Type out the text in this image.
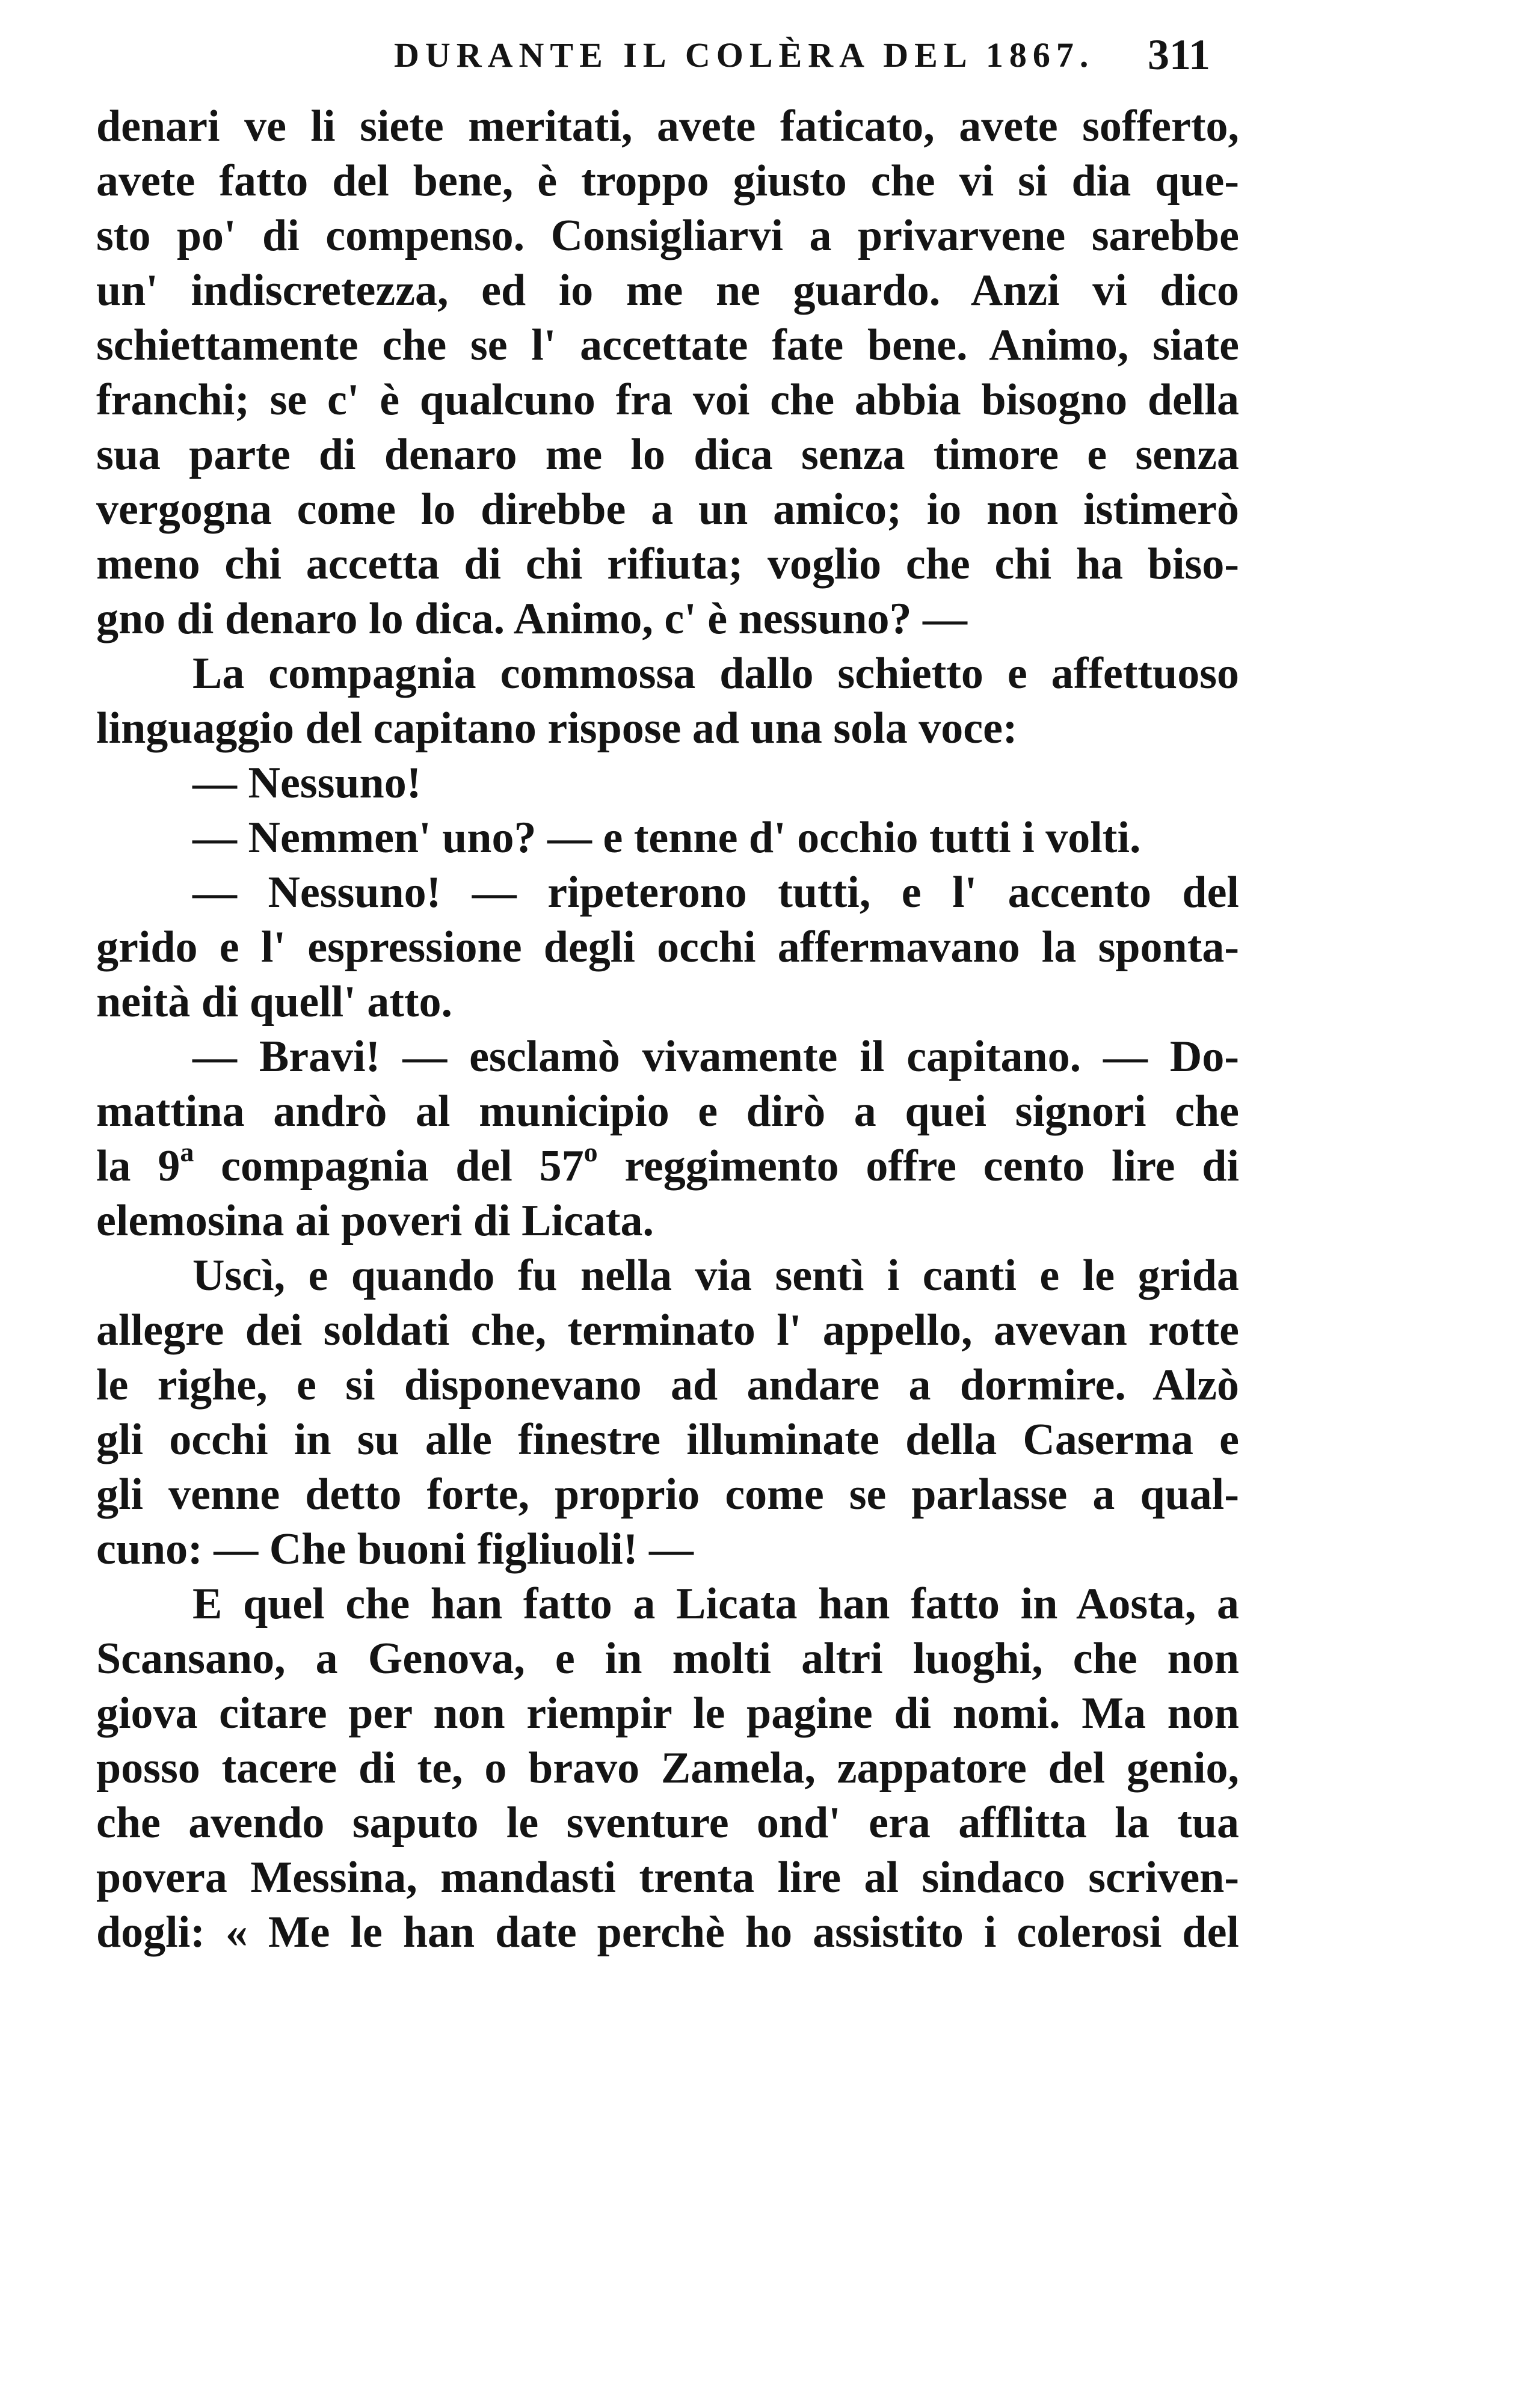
DURANTE IL COLÈRA DEL 1867. 311
denari ve li siete meritati, avete faticato, avete sofferto,
avete fatto del bene, è troppo giusto che vi si dia que-
sto po' di compenso. Consigliarvi a privarvene sarebbe
un' indiscretezza, ed io me ne guardo. Anzi vi dico
schiettamente che se l' accettate fate bene. Animo, siate
franchi; se c' è qualcuno fra voi che abbia bisogno della
sua parte di denaro me lo dica senza timore e senza
vergogna come lo direbbe a un amico; io non istimerò
meno chi accetta di chi rifiuta; voglio che chi ha biso-
gno di denaro lo dica. Animo, c' è nessuno? —
La compagnia commossa dallo schietto e affettuoso
linguaggio del capitano rispose ad una sola voce:
— Nessuno!
— Nemmen' uno? — e tenne d' occhio tutti i volti.
— Nessuno! — ripeterono tutti, e l' accento del
grido e l' espressione degli occhi affermavano la sponta-
neità di quell' atto.
— Bravi! — esclamò vivamente il capitano. — Do-
mattina andrò al municipio e dirò a quei signori che
la 9$^a$ compagnia del 57$^o$ reggimento offre cento lire di
elemosina ai poveri di Licata.
Uscì, e quando fu nella via sentì i canti e le grida
allegre dei soldati che, terminato l' appello, avevan rotte
le righe, e si disponevano ad andare a dormire. Alzò
gli occhi in su alle finestre illuminate della Caserma e
gli venne detto forte, proprio come se parlasse a qual-
cuno: — Che buoni figliuoli! —
E quel che han fatto a Licata han fatto in Aosta, a
Scansano, a Genova, e in molti altri luoghi, che non
giova citare per non riempir le pagine di nomi. Ma non
posso tacere di te, o bravo Zamela, zappatore del genio,
che avendo saputo le sventure ond' era afflitta la tua
povera Messina, mandasti trenta lire al sindaco scriven-
dogli: « Me le han date perchè ho assistito i colerosi del
